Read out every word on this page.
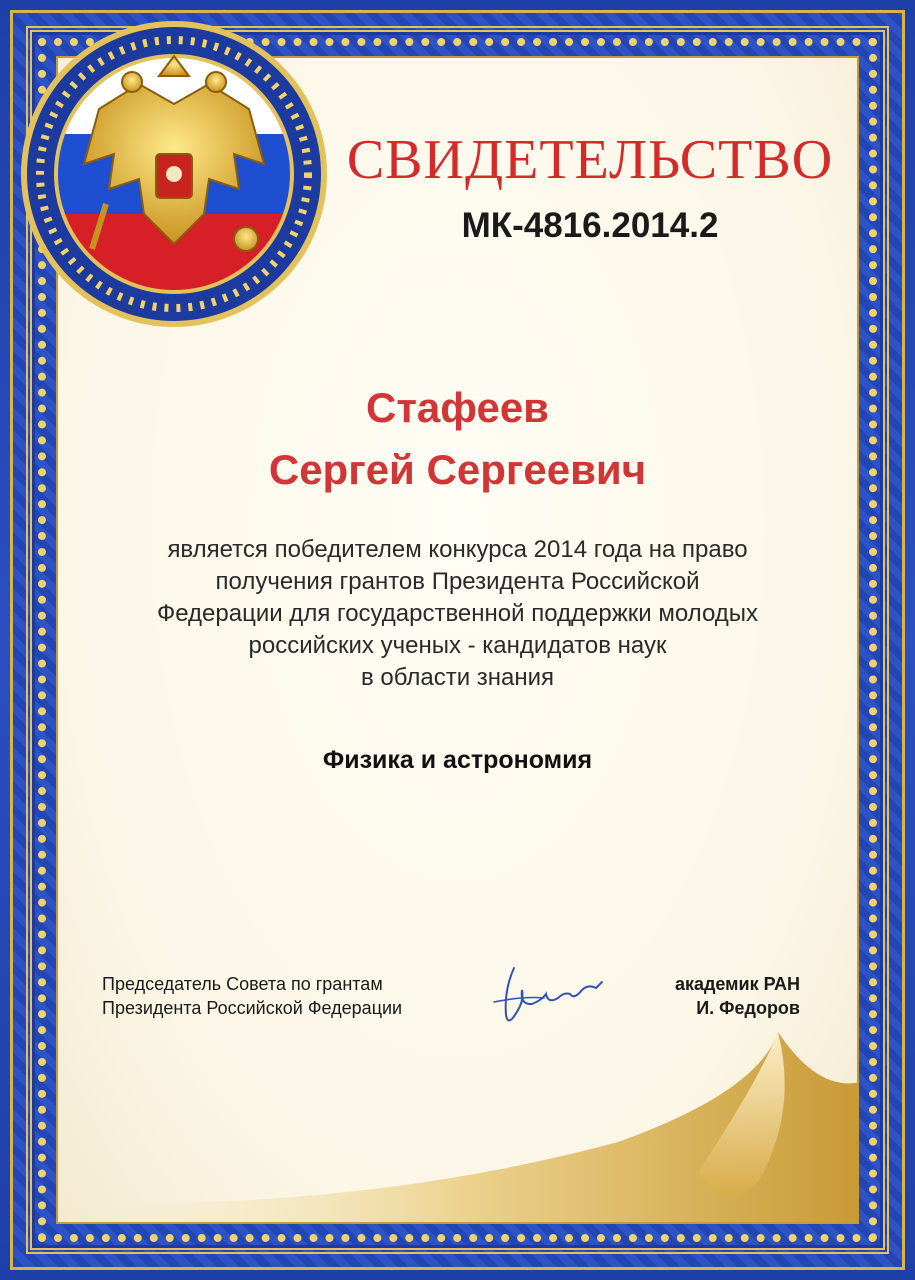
СВИДЕТЕЛЬСТВО
МК-4816.2014.2
Стафеев
Сергей Сергеевич

является победителем конкурса 2014 года на право
получения грантов Президента Российской
Федерации для государственной поддержки молодых
российских ученых - кандидатов наук
в области знания

Физика и астрономия
Председатель Совета по грантам
Президента Российской Федерации
академик РАН
И. Федоров
